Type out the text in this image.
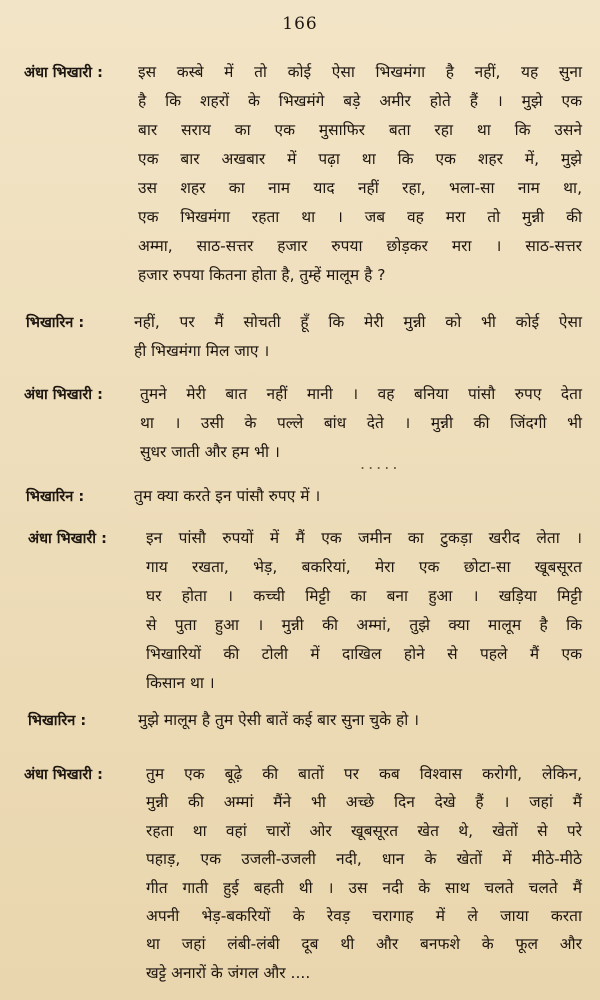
166
अंधा भिखारी :	इस कस्बे में तो कोई ऐसा भिखमंगा है नहीं, यह सुना
है कि शहरों के भिखमंगे बड़े अमीर होते हैं । मुझे एक
बार सराय का एक मुसाफिर बता रहा था कि उसने
एक बार अखबार में पढ़ा था कि एक शहर में, मुझे
उस शहर का नाम याद नहीं रहा, भला-सा नाम था,
एक भिखमंगा रहता था । जब वह मरा तो मुन्नी की
अम्मा, साठ-सत्तर हजार रुपया छोड़कर मरा । साठ-सत्तर
हजार रुपया कितना होता है, तुम्हें मालूम है ?
भिखारिन :	नहीं, पर मैं सोचती हूँ कि मेरी मुन्नी को भी कोई ऐसा
ही भिखमंगा मिल जाए ।
अंधा भिखारी :	तुमने मेरी बात नहीं मानी । वह बनिया पांसौ रुपए देता
था । उसी के पल्ले बांध देते । मुन्नी की जिंदगी भी
सुधर जाती और हम भी ।
.....
भिखारिन :	तुम क्या करते इन पांसौ रुपए में ।
अंधा भिखारी :	इन पांसौ रुपयों में मैं एक जमीन का टुकड़ा खरीद लेता ।
गाय रखता, भेड़, बकरियां, मेरा एक छोटा-सा खूबसूरत
घर होता । कच्ची मिट्टी का बना हुआ । खड़िया मिट्टी
से पुता हुआ । मुन्नी की अम्मां, तुझे क्या मालूम है कि
भिखारियों की टोली में दाखिल होने से पहले मैं एक
किसान था ।
भिखारिन :	मुझे मालूम है तुम ऐसी बातें कई बार सुना चुके हो ।
अंधा भिखारी :	तुम एक बूढ़े की बातों पर कब विश्वास करोगी, लेकिन,
मुन्नी की अम्मां मैंने भी अच्छे दिन देखे हैं । जहां मैं
रहता था वहां चारों ओर खूबसूरत खेत थे, खेतों से परे
पहाड़, एक उजली-उजली नदी, धान के खेतों में मीठे-मीठे
गीत गाती हुई बहती थी । उस नदी के साथ चलते चलते मैं
अपनी भेड़-बकरियों के रेवड़ चरागाह में ले जाया करता
था जहां लंबी-लंबी दूब थी और बनफशे के फूल और
खट्टे अनारों के जंगल और ....
